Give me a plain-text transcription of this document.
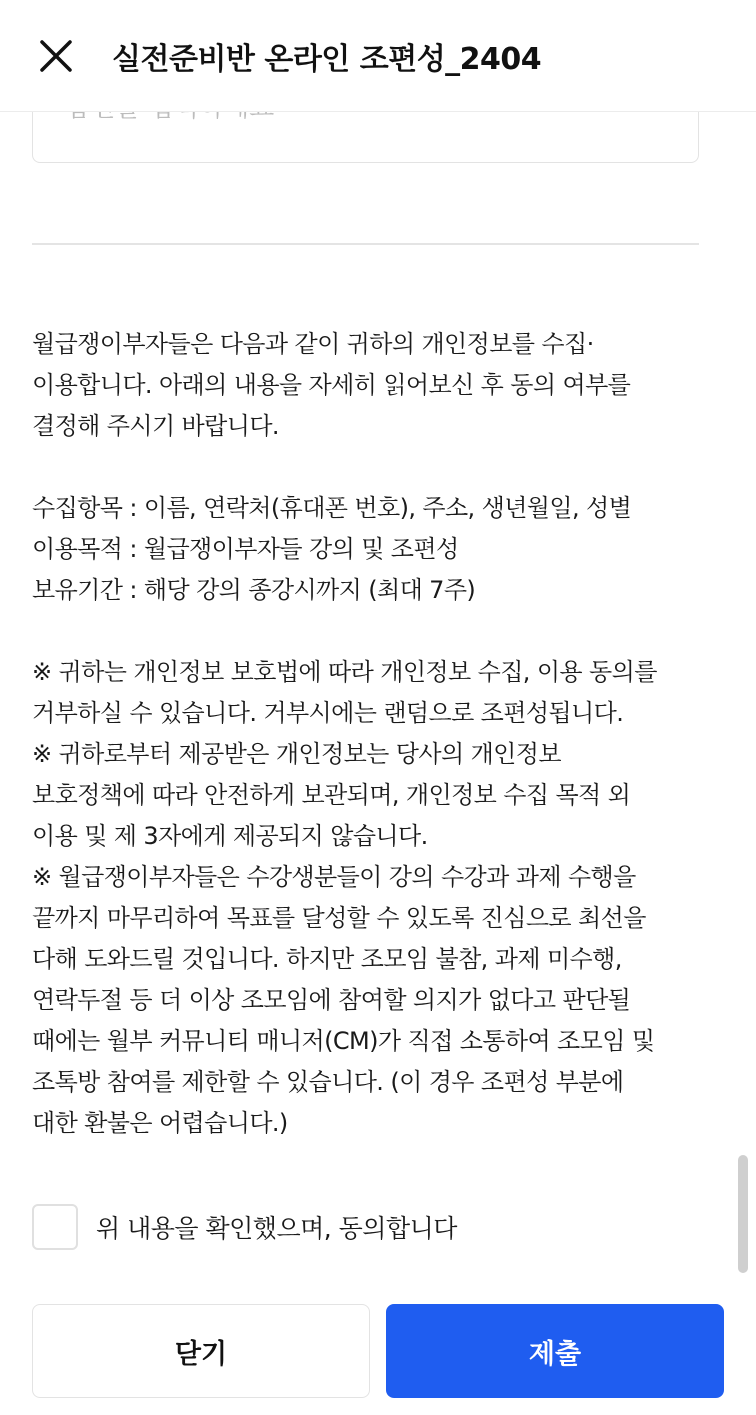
실전준비반 온라인 조편성_2404
답변을 입력하세요

월급쟁이부자들은 다음과 같이 귀하의 개인정보를 수집·

이용합니다. 아래의 내용을 자세히 읽어보신 후 동의 여부를

결정해 주시기 바랍니다.

수집항목 : 이름, 연락처(휴대폰 번호), 주소, 생년월일, 성별

이용목적 : 월급쟁이부자들 강의 및 조편성

보유기간 : 해당 강의 종강시까지 (최대 7주)

※ 귀하는 개인정보 보호법에 따라 개인정보 수집, 이용 동의를

거부하실 수 있습니다. 거부시에는 랜덤으로 조편성됩니다.

※ 귀하로부터 제공받은 개인정보는 당사의 개인정보

보호정책에 따라 안전하게 보관되며, 개인정보 수집 목적 외

이용 및 제 3자에게 제공되지 않습니다.

※ 월급쟁이부자들은 수강생분들이 강의 수강과 과제 수행을

끝까지 마무리하여 목표를 달성할 수 있도록 진심으로 최선을

다해 도와드릴 것입니다. 하지만 조모임 불참, 과제 미수행,

연락두절 등 더 이상 조모임에 참여할 의지가 없다고 판단될

때에는 월부 커뮤니티 매니저(CM)가 직접 소통하여 조모임 및

조톡방 참여를 제한할 수 있습니다. (이 경우 조편성 부분에

대한 환불은 어렵습니다.)

위 내용을 확인했으며, 동의합니다
닫기	제출
